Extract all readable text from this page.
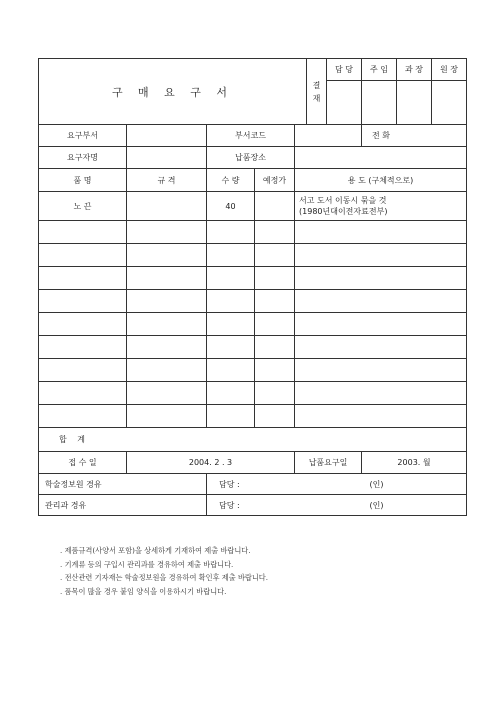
구 매 요 구 서	결
재	담 당	주 임	과 장	원 장

요구부서		부서코드			전 화
요구자명		납품장소			
품 명	규 격	수 량	예정가	용 도 (구체적으로)	
노 끈		40		서고 도서 이동시 묶을 것
(1980년대이전자료전부)	

합 계					
접 수 일	2004. 2 . 3			납품요구일	2003. 월
학술정보원 경유		담당 :			(인)
관리과 경유		담당 :			(인)
. 제품규격(사양서 포함)을 상세하게 기재하여 제출 바랍니다.
. 기계류 등의 구입시 관리과를 경유하여 제출 바랍니다.
. 전산관련 기자재는 학술정보원을 경유하여 확인후 제출 바랍니다.
. 품목이 많을 경우 붙임 양식을 이용하시기 바랍니다.
